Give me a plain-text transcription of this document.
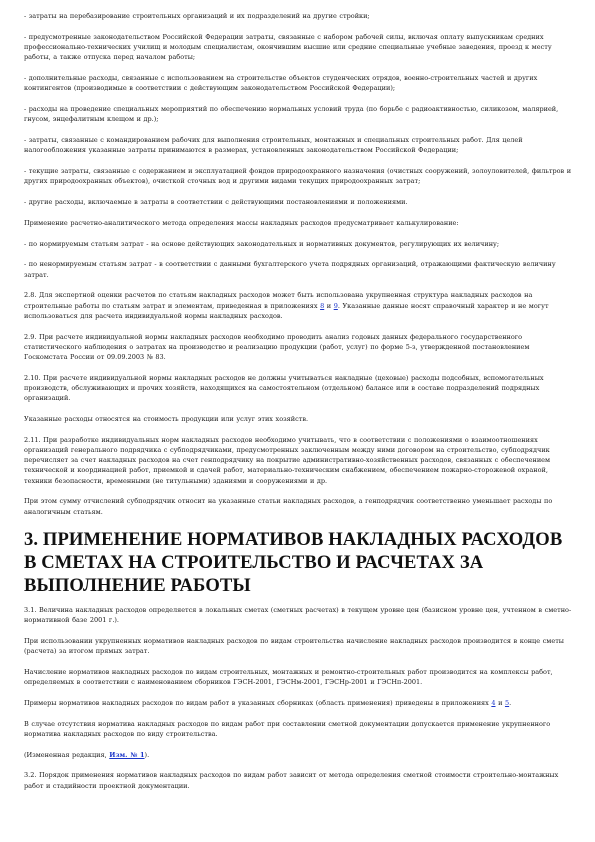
- затраты на перебазирование строительных организаций и их подразделений на другие стройки;

- предусмотренные законодательством Российской Федерации затраты, связанные с набором рабочей силы, включая оплату выпускникам средних профессионально-технических училищ и молодым специалистам, окончившим высшие или средние специальные учебные заведения, проезд к месту работы, а также отпуска перед началом работы;

- дополнительные расходы, связанные с использованием на строительстве объектов студенческих отрядов, военно-строительных частей и других контингентов (производимые в соответствии с действующим законодательством Российской Федерации);

- расходы на проведение специальных мероприятий по обеспечению нормальных условий труда (по борьбе с радиоактивностью, силикозом, малярией, гнусом, энцефалитным клещом и др.);

- затраты, связанные с командированием рабочих для выполнения строительных, монтажных и специальных строительных работ. Для целей налогообложения указанные затраты принимаются в размерах, установленных законодательством Российской Федерации;

- текущие затраты, связанные с содержанием и эксплуатацией фондов природоохранного назначения (очистных сооружений, золоуловителей, фильтров и других природоохранных объектов), очисткой сточных вод и другими видами текущих природоохранных затрат;

- другие расходы, включаемые в затраты в соответствии с действующими постановлениями и положениями.

Применение расчетно-аналитического метода определения массы накладных расходов предусматривает калькулирование:

- по нормируемым статьям затрат - на основе действующих законодательных и нормативных документов, регулирующих их величину;

- по ненормируемым статьям затрат - в соответствии с данными бухгалтерского учета подрядных организаций, отражающими фактическую величину затрат.

2.8. Для экспертной оценки расчетов по статьям накладных расходов может быть использована укрупненная структура накладных расходов на строительные работы по статьям затрат и элементам, приведенная в приложениях 8 и 9. Указанные данные носят справочный характер и не могут использоваться для расчета индивидуальной нормы накладных расходов.

2.9. При расчете индивидуальной нормы накладных расходов необходимо проводить анализ годовых данных федерального государственного статистического наблюдения о затратах на производство и реализацию продукции (работ, услуг) по форме 5-з, утвержденной постановлением Госкомстата России от 09.09.2003 № 83.

2.10. При расчете индивидуальной нормы накладных расходов не должны учитываться накладные (цеховые) расходы подсобных, вспомогательных производств, обслуживающих и прочих хозяйств, находящихся на самостоятельном (отдельном) балансе или в составе подразделений подрядных организаций.

Указанные расходы относятся на стоимость продукции или услуг этих хозяйств.

2.11. При разработке индивидуальных норм накладных расходов необходимо учитывать, что в соответствии с положениями о взаимоотношениях организаций генерального подрядчика с субподрядчиками, предусмотренных заключенным между ними договором на строительство, субподрядчик перечисляет за счет накладных расходов на счет генподрядчику на покрытие административно-хозяйственных расходов, связанных с обеспечением технической и координацией работ, приемкой и сдачей работ, материально-техническим снабжением, обеспечением пожарно-сторожевой охраной, техники безопасности, временными (не титульными) зданиями и сооружениями и др.

При этом сумму отчислений субподрядчик относит на указанные статьи накладных расходов, а генподрядчик соответственно уменьшает расходы по аналогичным статьям.

3. ПРИМЕНЕНИЕ НОРМАТИВОВ НАКЛАДНЫХ РАСХОДОВ В СМЕТАХ НА СТРОИТЕЛЬСТВО И РАСЧЕТАХ ЗА ВЫПОЛНЕНИЕ РАБОТЫ

3.1. Величина накладных расходов определяется в локальных сметах (сметных расчетах) в текущем уровне цен (базисном уровне цен, учтенном в сметно-нормативной базе 2001 г.).

При использовании укрупненных нормативов накладных расходов по видам строительства начисление накладных расходов производится в конце сметы (расчета) за итогом прямых затрат.

Начисление нормативов накладных расходов по видам строительных, монтажных и ремонтно-строительных работ производится на комплексы работ, определяемых в соответствии с наименованием сборников ГЭСН-2001, ГЭСНм-2001, ГЭСНр-2001 и ГЭСНп-2001.

Примеры нормативов накладных расходов по видам работ в указанных сборниках (область применения) приведены в приложениях 4 и 5.

В случае отсутствия норматива накладных расходов по видам работ при составлении сметной документации допускается применение укрупненного норматива накладных расходов по виду строительства.

(Измененная редакция, Изм. № 1).

3.2. Порядок применения нормативов накладных расходов по видам работ зависит от метода определения сметной стоимости строительно-монтажных работ и стадийности проектной документации.
